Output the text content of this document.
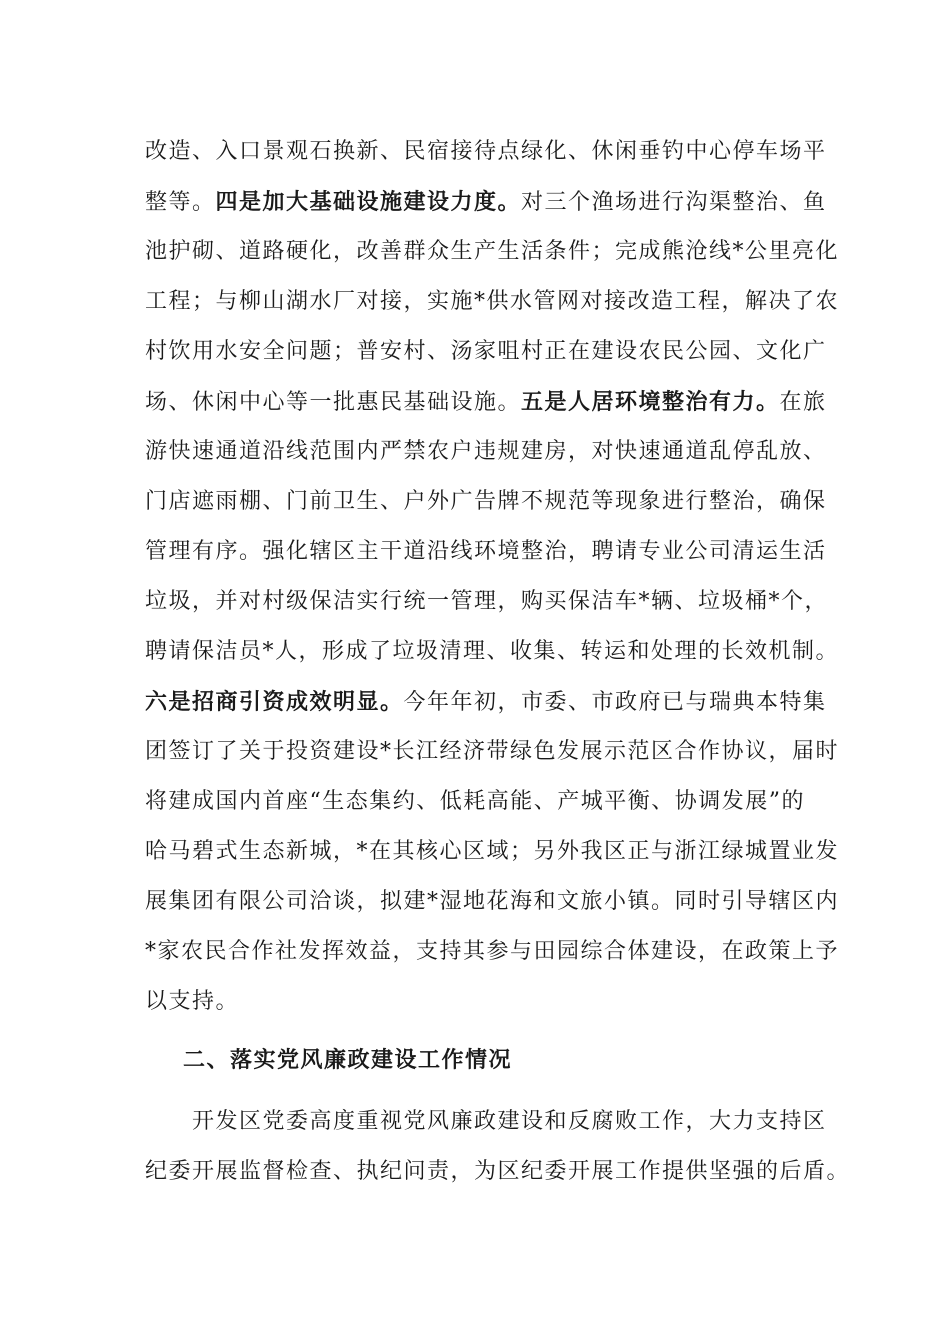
改造、入口景观石换新、民宿接待点绿化、休闲垂钓中心停车场平
整等。四是加大基础设施建设力度。对三个渔场进行沟渠整治、鱼
池护砌、道路硬化，改善群众生产生活条件；完成熊沧线*公里亮化
工程；与柳山湖水厂对接，实施*供水管网对接改造工程，解决了农
村饮用水安全问题；普安村、汤家咀村正在建设农民公园、文化广
场、休闲中心等一批惠民基础设施。五是人居环境整治有力。在旅
游快速通道沿线范围内严禁农户违规建房，对快速通道乱停乱放、
门店遮雨棚、门前卫生、户外广告牌不规范等现象进行整治，确保
管理有序。强化辖区主干道沿线环境整治，聘请专业公司清运生活
垃圾，并对村级保洁实行统一管理，购买保洁车*辆、垃圾桶*个，
聘请保洁员*人，形成了垃圾清理、收集、转运和处理的长效机制。
六是招商引资成效明显。今年年初，市委、市政府已与瑞典本特集
团签订了关于投资建设*长江经济带绿色发展示范区合作协议，届时
将建成国内首座“生态集约、低耗高能、产城平衡、协调发展”的
哈马碧式生态新城，*在其核心区域；另外我区正与浙江绿城置业发
展集团有限公司洽谈，拟建*湿地花海和文旅小镇。同时引导辖区内
*家农民合作社发挥效益，支持其参与田园综合体建设，在政策上予
以支持。
二、落实党风廉政建设工作情况
　　开发区党委高度重视党风廉政建设和反腐败工作，大力支持区
纪委开展监督检查、执纪问责，为区纪委开展工作提供坚强的后盾。
